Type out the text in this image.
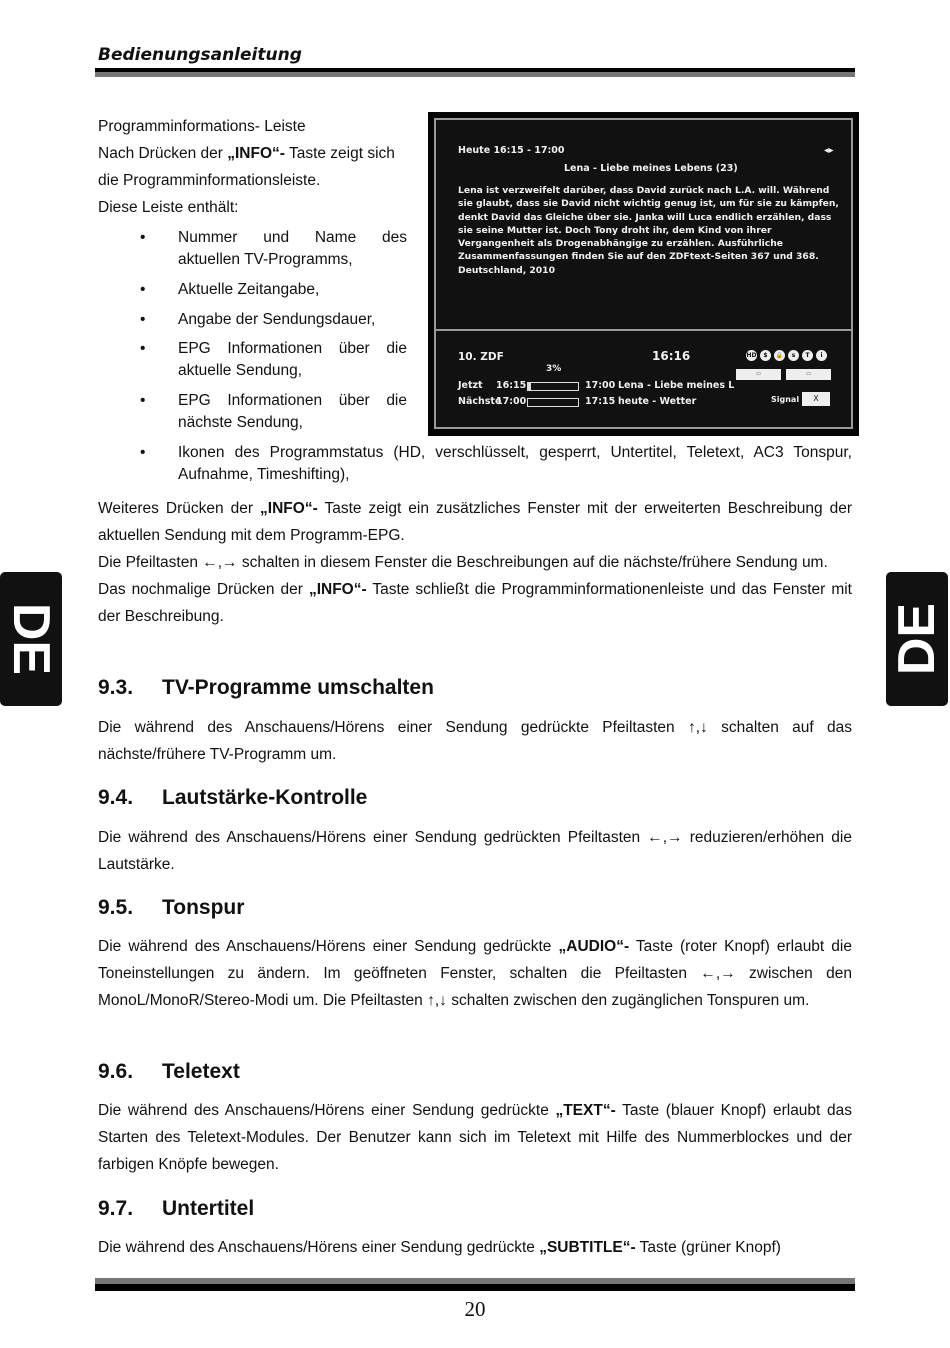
Bedienungsanleitung
DE	DE

Programminformations- Leiste

Nach Drücken der „INFO“- Taste zeigt sich

die Programminformationsleiste.

Diese Leiste enthält:

• Nummer und Name des aktuellen TV-Programms,
• Aktuelle Zeitangabe,
• Angabe der Sendungsdauer,
• EPG Informationen über die aktuelle Sendung,
• EPG Informationen über die nächste Sendung,
• Ikonen des Programmstatus (HD, verschlüsselt, gesperrt, Untertitel, Teletext, AC3 Tonspur, Aufnahme, Timeshifting),
Heute 16:15 - 17:00	◂▸
Lena - Liebe meines Lebens (23)
Lena ist verzweifelt darüber, dass David zurück nach L.A. will. Während
sie glaubt, dass sie David nicht wichtig genug ist, um für sie zu kämpfen,
denkt David das Gleiche über sie. Janka will Luca endlich erzählen, dass
sie seine Mutter ist. Doch Tony droht ihr, dem Kind von ihrer
Vergangenheit als Drogenabhängige zu erzählen. Ausführliche
Zusammenfassungen finden Sie auf den ZDFtext-Seiten 367 und 368.
Deutschland, 2010
10. ZDF	16:16	HD	$	🔒	s	T	i
▭	▭
3%
Jetzt 16:15	17:00 Lena - Liebe meines L
Nächste
17:00	17:15 heute - Wetter	Signal	X

Weiteres Drücken der „INFO“- Taste zeigt ein zusätzliches Fenster mit der erweiterten Beschreibung der aktuellen Sendung mit dem Programm-EPG.

Die Pfeiltasten ←,→ schalten in diesem Fenster die Beschreibungen auf die nächste/frühere Sendung um.

Das nochmalige Drücken der „INFO“- Taste schließt die Programminformationenleiste und das Fenster mit der Beschreibung.

9.3. TV-Programme umschalten
Die während des Anschauens/Hörens einer Sendung gedrückte Pfeiltasten ↑,↓ schalten auf das nächste/frühere TV-Programm um.
9.4. Lautstärke-Kontrolle
Die während des Anschauens/Hörens einer Sendung gedrückten Pfeiltasten ←,→ reduzieren/erhöhen die Lautstärke.
9.5. Tonspur
Die während des Anschauens/Hörens einer Sendung gedrückte „AUDIO“- Taste (roter Knopf) erlaubt die Toneinstellungen zu ändern. Im geöffneten Fenster, schalten die Pfeiltasten ←,→ zwischen den MonoL/MonoR/Stereo-Modi um. Die Pfeiltasten ↑,↓ schalten zwischen den zugänglichen Tonspuren um.
9.6. Teletext
Die während des Anschauens/Hörens einer Sendung gedrückte „TEXT“- Taste (blauer Knopf) erlaubt das Starten des Teletext-Modules. Der Benutzer kann sich im Teletext mit Hilfe des Nummerblockes und der farbigen Knöpfe bewegen.
9.7. Untertitel
Die während des Anschauens/Hörens einer Sendung gedrückte „SUBTITLE“- Taste (grüner Knopf)
20
